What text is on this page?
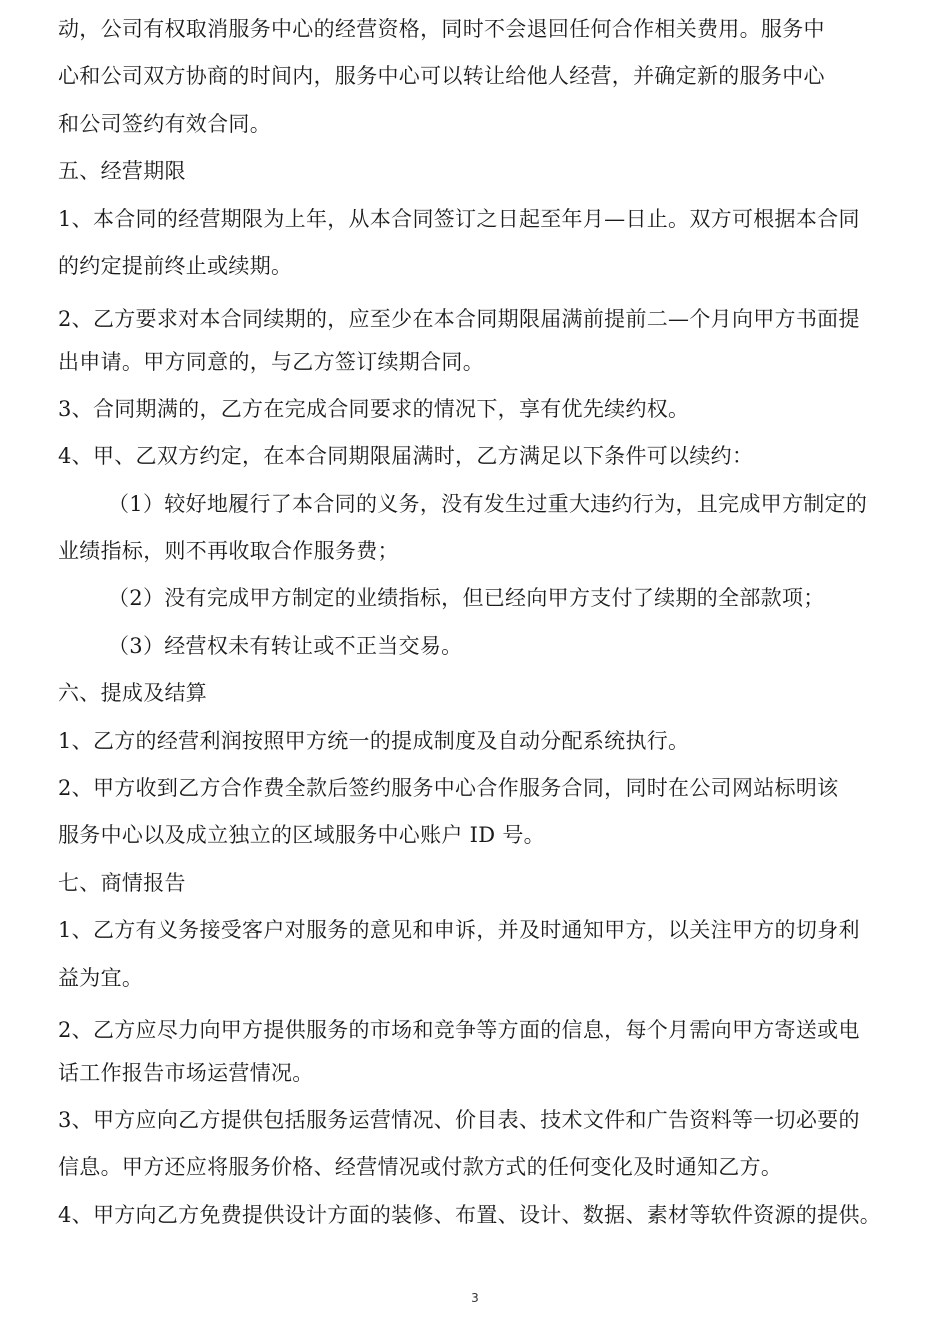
动，公司有权取消服务中心的经营资格，同时不会退回任何合作相关费用。服务中
心和公司双方协商的时间内，服务中心可以转让给他人经营，并确定新的服务中心
和公司签约有效合同。
五、经营期限
1、本合同的经营期限为上年，从本合同签订之日起至年月—日止。双方可根据本合同
的约定提前终止或续期。
2、乙方要求对本合同续期的，应至少在本合同期限届满前提前二—个月向甲方书面提
出申请。甲方同意的，与乙方签订续期合同。
3、合同期满的，乙方在完成合同要求的情况下，享有优先续约权。
4、甲、乙双方约定，在本合同期限届满时，乙方满足以下条件可以续约：
（1）较好地履行了本合同的义务，没有发生过重大违约行为，且完成甲方制定的
业绩指标，则不再收取合作服务费；
（2）没有完成甲方制定的业绩指标，但已经向甲方支付了续期的全部款项；
（3）经营权未有转让或不正当交易。
六、提成及结算
1、乙方的经营利润按照甲方统一的提成制度及自动分配系统执行。
2、甲方收到乙方合作费全款后签约服务中心合作服务合同，同时在公司网站标明该
服务中心以及成立独立的区域服务中心账户 ID 号。
七、商情报告
1、乙方有义务接受客户对服务的意见和申诉，并及时通知甲方，以关注甲方的切身利
益为宜。
2、乙方应尽力向甲方提供服务的市场和竞争等方面的信息，每个月需向甲方寄送或电
话工作报告市场运营情况。
3、甲方应向乙方提供包括服务运营情况、价目表、技术文件和广告资料等一切必要的
信息。甲方还应将服务价格、经营情况或付款方式的任何变化及时通知乙方。
4、甲方向乙方免费提供设计方面的装修、布置、设计、数据、素材等软件资源的提供。
3
